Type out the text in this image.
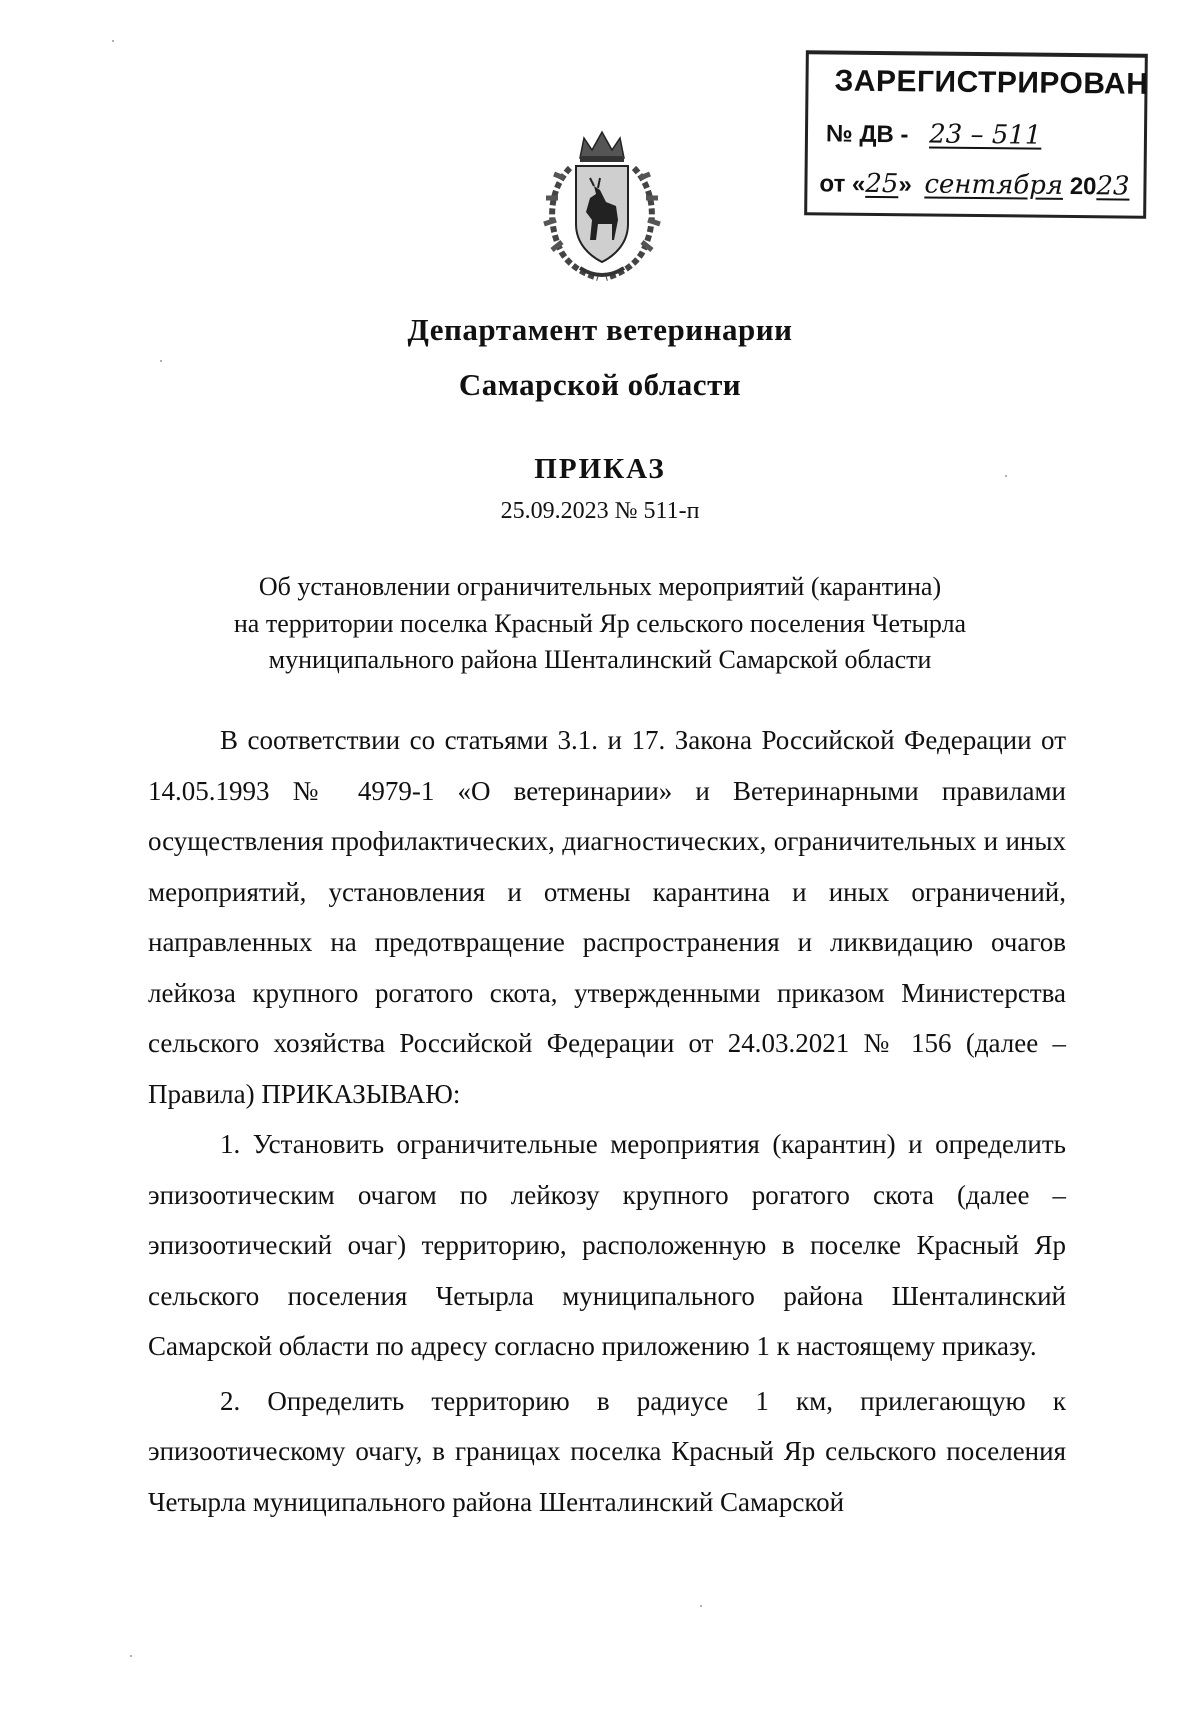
ЗАРЕГИСТРИРОВАН
№ ДВ - 23 – 511
от «25» сентября 2023
Департамент ветеринарии
Самарской области
ПРИКАЗ
25.09.2023 № 511-п
Об установлении ограничительных мероприятий (карантина)
на территории поселка Красный Яр сельского поселения Четырла
муниципального района Шенталинский Самарской области

В соответствии со статьями 3.1. и 17. Закона Российской Федерации от 14.05.1993 № 4979-1 «О ветеринарии» и Ветеринарными правилами осуществления профилактических, диагностических, ограничительных и иных мероприятий, установления и отмены карантина и иных ограничений, направленных на предотвращение распространения и ликвидацию очагов лейкоза крупного рогатого скота, утвержденными приказом Министерства сельского хозяйства Российской Федерации от 24.03.2021 № 156 (далее – Правила) ПРИКАЗЫВАЮ:

1. Установить ограничительные мероприятия (карантин) и определить эпизоотическим очагом по лейкозу крупного рогатого скота (далее – эпизоотический очаг) территорию, расположенную в поселке Красный Яр сельского поселения Четырла муниципального района Шенталинский Самарской области по адресу согласно приложению 1 к настоящему приказу.

2. Определить территорию в радиусе 1 км, прилегающую к эпизоотическому очагу, в границах поселка Красный Яр сельского поселения Четырла муниципального района Шенталинский Самарской
